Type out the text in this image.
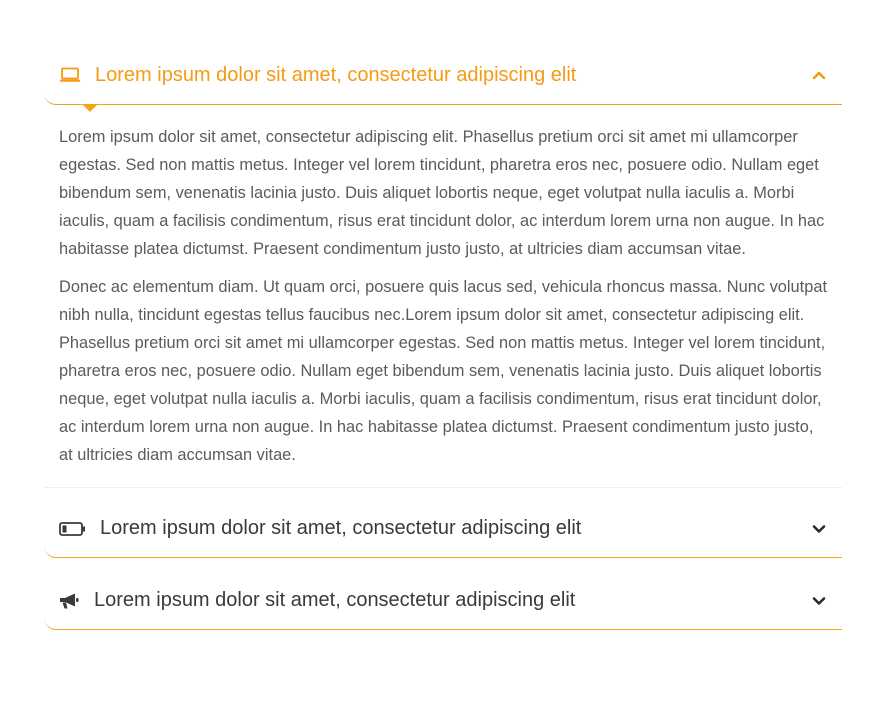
Lorem ipsum dolor sit amet, consectetur adipiscing elit

Lorem ipsum dolor sit amet, consectetur adipiscing elit. Phasellus pretium orci sit amet mi ullamcorper egestas. Sed non mattis metus. Integer vel lorem tincidunt, pharetra eros nec, posuere odio. Nullam eget bibendum sem, venenatis lacinia justo. Duis aliquet lobortis neque, eget volutpat nulla iaculis a. Morbi iaculis, quam a facilisis condimentum, risus erat tincidunt dolor, ac interdum lorem urna non augue. In hac habitasse platea dictumst. Praesent condimentum justo justo, at ultricies diam accumsan vitae.

Donec ac elementum diam. Ut quam orci, posuere quis lacus sed, vehicula rhoncus massa. Nunc volutpat nibh nulla, tincidunt egestas tellus faucibus nec.Lorem ipsum dolor sit amet, consectetur adipiscing elit. Phasellus pretium orci sit amet mi ullamcorper egestas. Sed non mattis metus. Integer vel lorem tincidunt, pharetra eros nec, posuere odio. Nullam eget bibendum sem, venenatis lacinia justo. Duis aliquet lobortis neque, eget volutpat nulla iaculis a. Morbi iaculis, quam a facilisis condimentum, risus erat tincidunt dolor, ac interdum lorem urna non augue. In hac habitasse platea dictumst. Praesent condimentum justo justo, at ultricies diam accumsan vitae.

Lorem ipsum dolor sit amet, consectetur adipiscing elit
Lorem ipsum dolor sit amet, consectetur adipiscing elit
